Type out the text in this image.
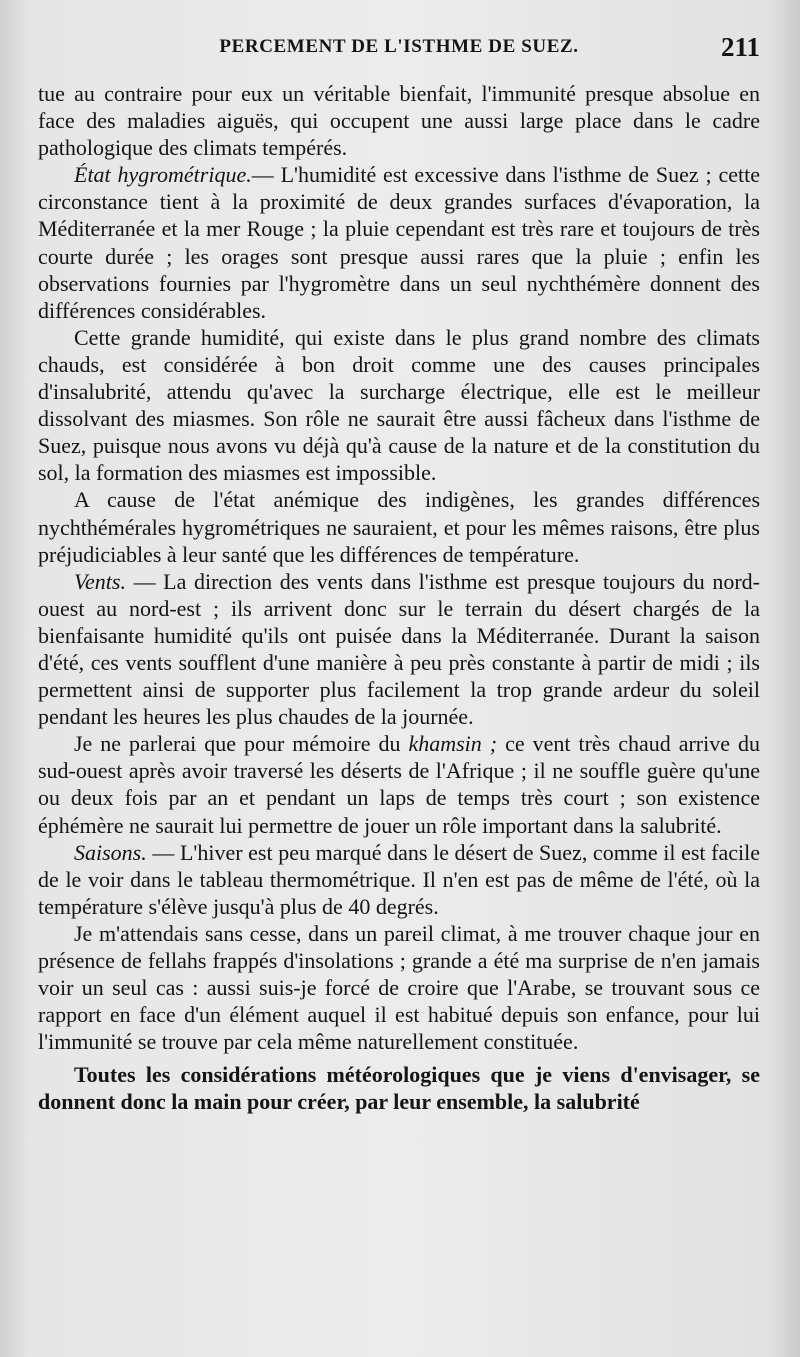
PERCEMENT DE L'ISTHME DE SUEZ.	211

tue au contraire pour eux un véritable bienfait, l'immunité presque absolue en face des maladies aiguës, qui occupent une aussi large place dans le cadre pathologique des climats tempérés.

État hygrométrique.— L'humidité est excessive dans l'isthme de Suez ; cette circonstance tient à la proximité de deux grandes surfaces d'évaporation, la Méditerranée et la mer Rouge ; la pluie cependant est très rare et toujours de très courte durée ; les orages sont presque aussi rares que la pluie ; enfin les observations fournies par l'hygromètre dans un seul nychthémère donnent des différences considérables.

Cette grande humidité, qui existe dans le plus grand nombre des climats chauds, est considérée à bon droit comme une des causes principales d'insalubrité, attendu qu'avec la surcharge électrique, elle est le meilleur dissolvant des miasmes. Son rôle ne saurait être aussi fâcheux dans l'isthme de Suez, puisque nous avons vu déjà qu'à cause de la nature et de la constitution du sol, la formation des miasmes est impossible.

A cause de l'état anémique des indigènes, les grandes différences nychthémérales hygrométriques ne sauraient, et pour les mêmes raisons, être plus préjudiciables à leur santé que les différences de température.

Vents. — La direction des vents dans l'isthme est presque toujours du nord-ouest au nord-est ; ils arrivent donc sur le terrain du désert chargés de la bienfaisante humidité qu'ils ont puisée dans la Méditerranée. Durant la saison d'été, ces vents soufflent d'une manière à peu près constante à partir de midi ; ils permettent ainsi de supporter plus facilement la trop grande ardeur du soleil pendant les heures les plus chaudes de la journée.

Je ne parlerai que pour mémoire du khamsin ; ce vent très chaud arrive du sud-ouest après avoir traversé les déserts de l'Afrique ; il ne souffle guère qu'une ou deux fois par an et pendant un laps de temps très court ; son existence éphémère ne saurait lui permettre de jouer un rôle important dans la salubrité.

Saisons. — L'hiver est peu marqué dans le désert de Suez, comme il est facile de le voir dans le tableau thermométrique. Il n'en est pas de même de l'été, où la température s'élève jusqu'à plus de 40 degrés.

Je m'attendais sans cesse, dans un pareil climat, à me trouver chaque jour en présence de fellahs frappés d'insolations ; grande a été ma surprise de n'en jamais voir un seul cas : aussi suis-je forcé de croire que l'Arabe, se trouvant sous ce rapport en face d'un élément auquel il est habitué depuis son enfance, pour lui l'immunité se trouve par cela même naturellement constituée.

Toutes les considérations météorologiques que je viens d'envisager, se donnent donc la main pour créer, par leur ensemble, la salubrité
